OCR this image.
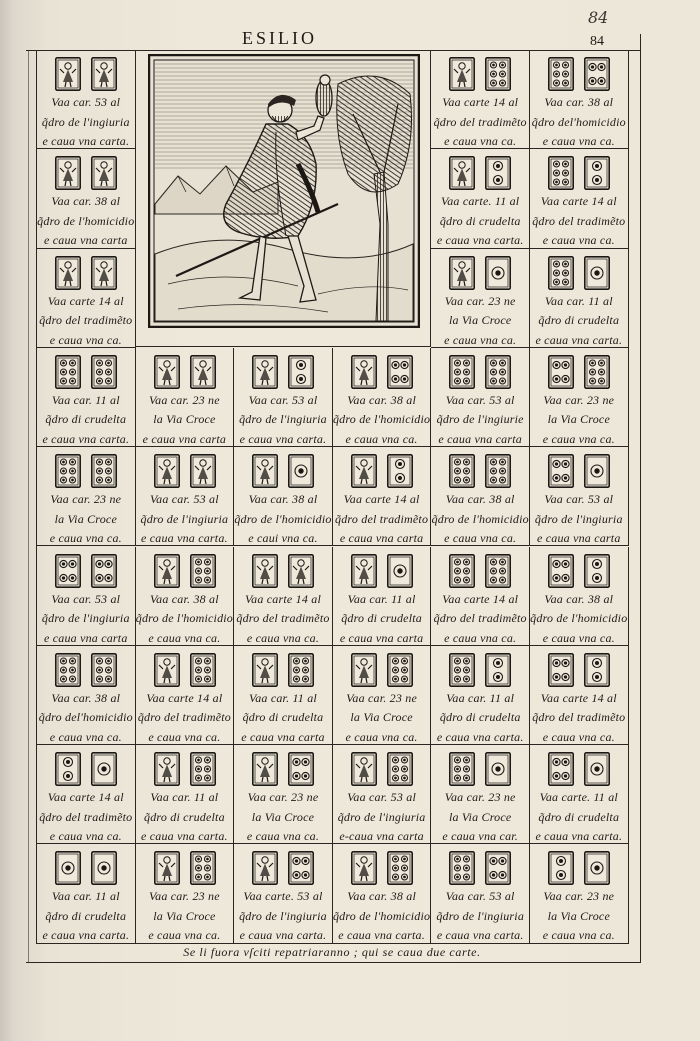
84
ESILIO	84
Vaa car. 53 al
q̃dro de l'ingiuria
e caua vna carta.
Vaa carte 14 al
q̃dro del tradimẽto
e caua vna ca.
Vaa car. 38 al
q̃dro del'homicidio
e caua vna ca.
Vaa car. 38 al
q̃dro de l'homicidio
e caua vna carta
Vaa carte. 11 al
q̃dro di crudelta
e caua vna carta.
Vaa carte 14 al
q̃dro del tradimẽto
e caua vna ca.
Vaa carte 14 al
q̃dro del tradimẽto
e caua vna ca.
Vaa car. 23 ne
la Via Croce
e caua vna ca.
Vaa car. 11 al
q̃dro di crudelta
e caua vna carta.
Vaa car. 11 al
q̃dro di crudelta
e caua vna carta.
Vaa car. 23 ne
la Via Croce
e caua vna carta
Vaa car. 53 al
q̃dro de l'ingiuria
e caua vna carta.
Vaa car. 38 al
q̃dro de l'homicidio
e caua vna ca.
Vaa car. 53 al
q̃dro de l'ingiurie
e caua vna carta
Vaa car. 23 ne
la Via Croce
e caua vna ca.
Vaa car. 23 ne
la Via Croce
e caua vna ca.
Vaa car. 53 al
q̃dro de l'ingiuria
e caua vna carta.
Vaa car. 38 al
q̃dro de l'homicidio
e caui vna ca.
Vaa carte 14 al
q̃dro del tradimẽto
e caua vna carta
Vaa car. 38 al
q̃dro de l'homicidio
e caua vna ca.
Vaa car. 53 al
q̃dro de l'ingiuria
e caua vna carta
Vaa car. 53 al
q̃dro de l'ingiuria
e caua vna carta
Vaa car. 38 al
q̃dro de l'homicidio
e caua vna ca.
Vaa carte 14 al
q̃dro del tradimẽto
e caua vna ca.
Vaa car. 11 al
q̃dro di crudelta
e caua vna carta
Vaa carte 14 al
q̃dro del tradimẽto
e caua vna ca.
Vaa car. 38 al
q̃dro de l'homicidio
e caua vna ca.
Vaa car. 38 al
q̃dro del'homicidio
e caua vna ca.
Vaa carte 14 al
q̃dro del tradimẽto
e caua vna ca.
Vaa car. 11 al
q̃dro di crudelta
e caua vna carta
Vaa car. 23 ne
la Via Croce
e caua vna ca.
Vaa car. 11 al
q̃dro di crudelta
e caua vna carta.
Vaa carte 14 al
q̃dro del tradimẽto
e caua vna ca.
Vaa carte 14 al
q̃dro del tradimẽto
e caua vna ca.
Vaa car. 11 al
q̃dro di crudelta
e caua vna carta.
Vaa car. 23 ne
la Via Croce
e caua vna ca.
Vaa car. 53 al
q̃dro de l'ingiuria
e-caua vna carta
Vaa car. 23 ne
la Via Croce
e caua vna car.
Vaa carte. 11 al
q̃dro di crudelta
e caua vna carta.
Vaa car. 11 al
q̃dro di crudelta
e caua vna carta.
Vaa car. 23 ne
la Via Croce
e caua vna ca.
Vaa carte. 53 al
q̃dro de l'ingiuria
e caua vna carta.
Vaa car. 38 al
q̃dro de l'homicidio
e caua vna carta.
Vaa car. 53 al
q̃dro de l'ingiuria
e caua vna carta.
Vaa car. 23 ne
la Via Croce
e caua vna ca.
Se li fuora vſciti repatriaranno ; qui se caua due carte.
